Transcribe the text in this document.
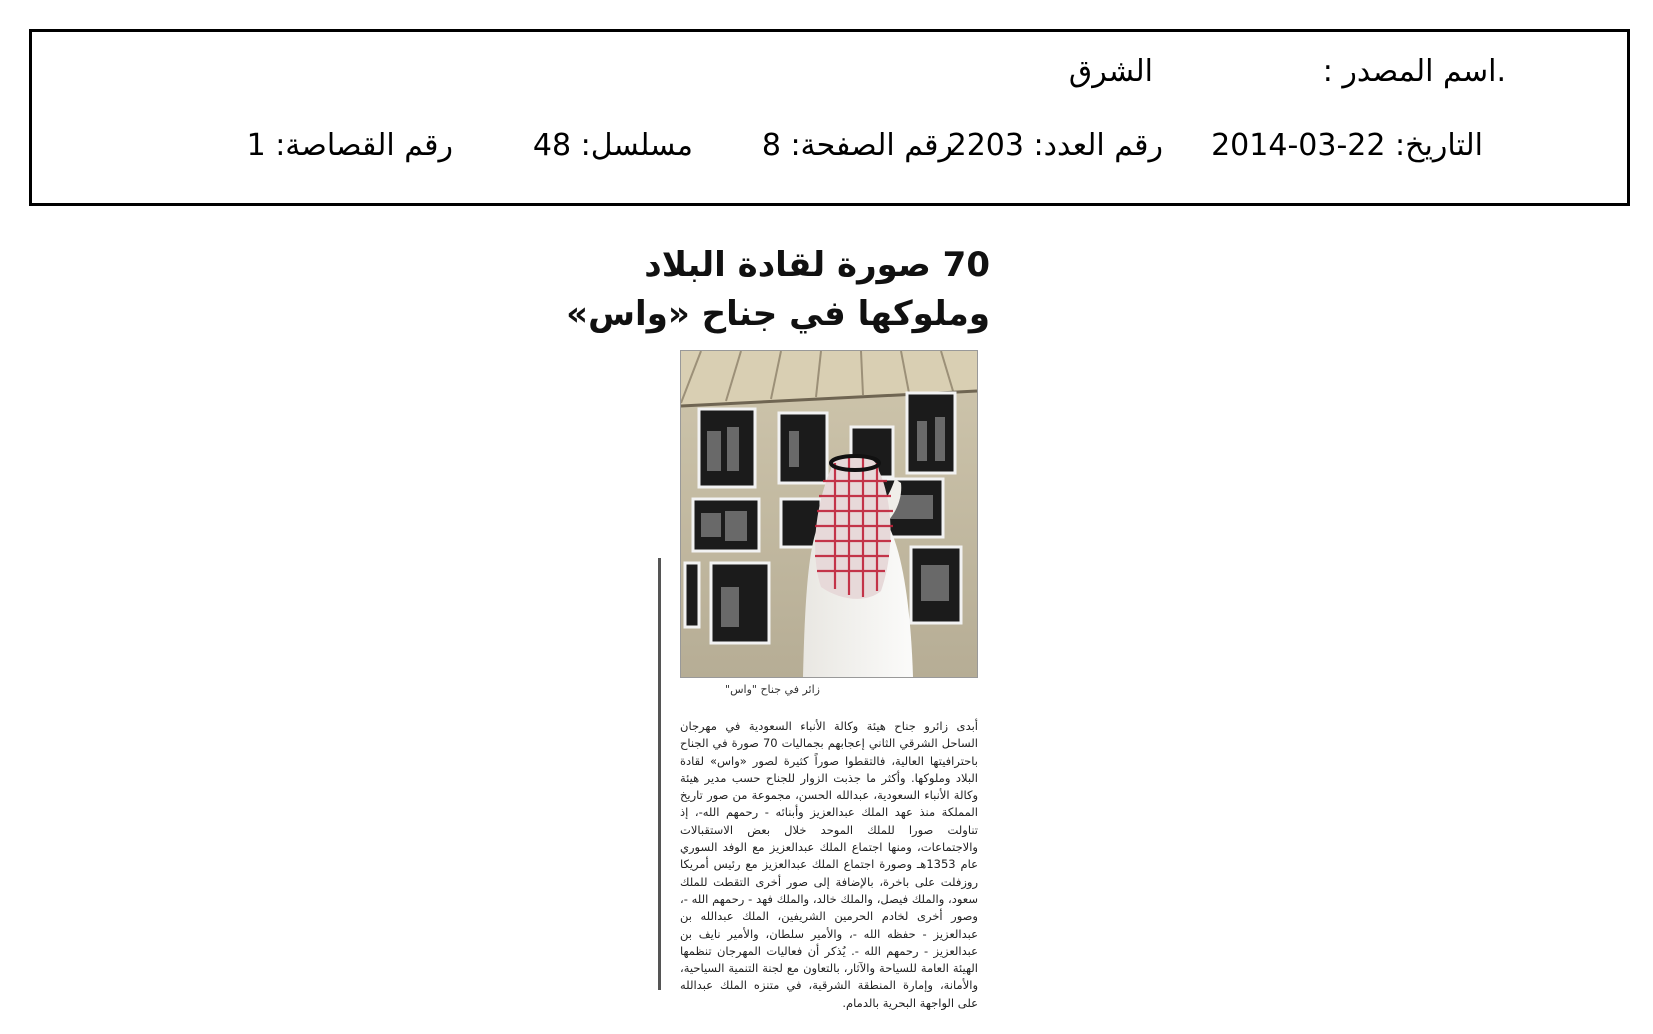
.اسم المصدر :
الشرق
التاريخ: 22-03-2014
رقم العدد: 2203
رقم الصفحة: 8
مسلسل: 48
رقم القصاصة: 1
70 صورة لقادة البلاد
وملوكها في جناح «واس»
زائر في جناح "واس"
أبدى زائرو جناح هيئة وكالة الأنباء السعودية في مهرجان الساحل الشرقي الثاني إعجابهم بجماليات 70 صورة في الجناح باحترافيتها العالية، فالتقطوا صوراً كثيرة لصور «واس» لقادة البلاد وملوكها. وأكثر ما جذبت الزوار للجناح حسب مدير هيئة وكالة الأنباء السعودية، عبدالله الحسن، مجموعة من صور تاريخ المملكة منذ عهد الملك عبدالعزيز وأبنائه - رحمهم الله-، إذ تناولت صورا للملك الموحد خلال بعض الاستقبالات والاجتماعات، ومنها اجتماع الملك عبدالعزيز مع الوفد السوري عام 1353هـ وصورة اجتماع الملك عبدالعزيز مع رئيس أمريكا روزفلت على باخرة، بالإضافة إلى صور أخرى التقطت للملك سعود، والملك فيصل، والملك خالد، والملك فهد - رحمهم الله -، وصور أخرى لخادم الحرمين الشريفين، الملك عبدالله بن عبدالعزيز - حفظه الله -، والأمير سلطان، والأمير نايف بن عبدالعزيز - رحمهم الله -. يُذكر أن فعاليات المهرجان تنظمها الهيئة العامة للسياحة والآثار، بالتعاون مع لجنة التنمية السياحية، والأمانة، وإمارة المنطقة الشرقية، في متنزه الملك عبدالله على الواجهة البحرية بالدمام.
